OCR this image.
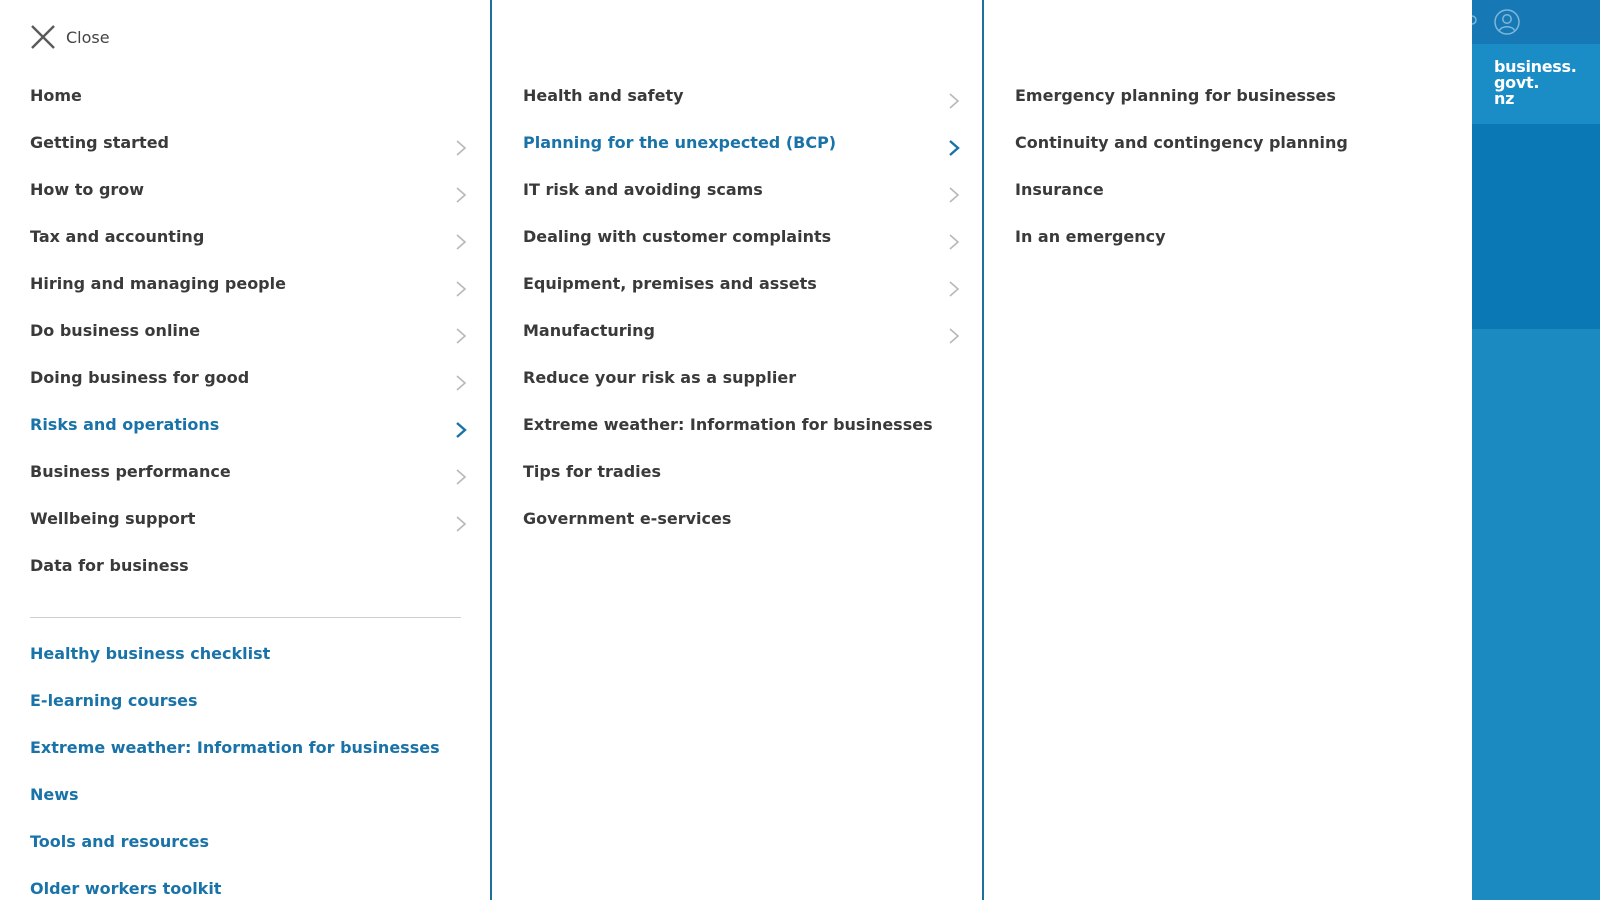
business.
govt.
nz
Close
Home
Getting started
How to grow
Tax and accounting
Hiring and managing people
Do business online
Doing business for good
Risks and operations
Business performance
Wellbeing support
Data for business
Healthy business checklist
E-learning courses
Extreme weather: Information for businesses
News
Tools and resources
Older workers toolkit
Health and safety
Planning for the unexpected (BCP)
IT risk and avoiding scams
Dealing with customer complaints
Equipment, premises and assets
Manufacturing
Reduce your risk as a supplier
Extreme weather: Information for businesses
Tips for tradies
Government e-services
Emergency planning for businesses
Continuity and contingency planning
Insurance
In an emergency
